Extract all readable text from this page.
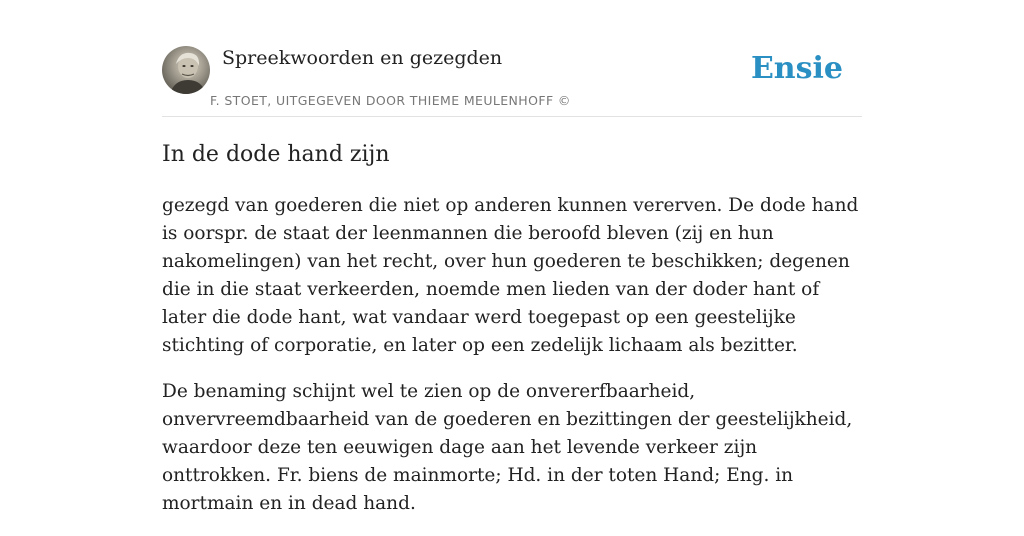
Spreekwoorden en gezegden
F. STOET, UITGEGEVEN DOOR THIEME MEULENHOFF ©
Ensie
In de dode hand zijn

gezegd van goederen die niet op anderen kunnen vererven. De dode hand is oorspr. de staat der leenmannen die beroofd bleven (zij en hun nakomelingen) van het recht, over hun goederen te beschikken; degenen die in die staat verkeerden, noemde men lieden van der doder hant of later die dode hant, wat vandaar werd toegepast op een geestelijke stichting of corporatie, en later op een zedelijk lichaam als bezitter.

De benaming schijnt wel te zien op de onvererfbaarheid, onvervreemdbaarheid van de goederen en bezittingen der geestelijkheid, waardoor deze ten eeuwigen dage aan het levende verkeer zijn onttrokken. Fr. biens de mainmorte; Hd. in der toten Hand; Eng. in mortmain en in dead hand.
